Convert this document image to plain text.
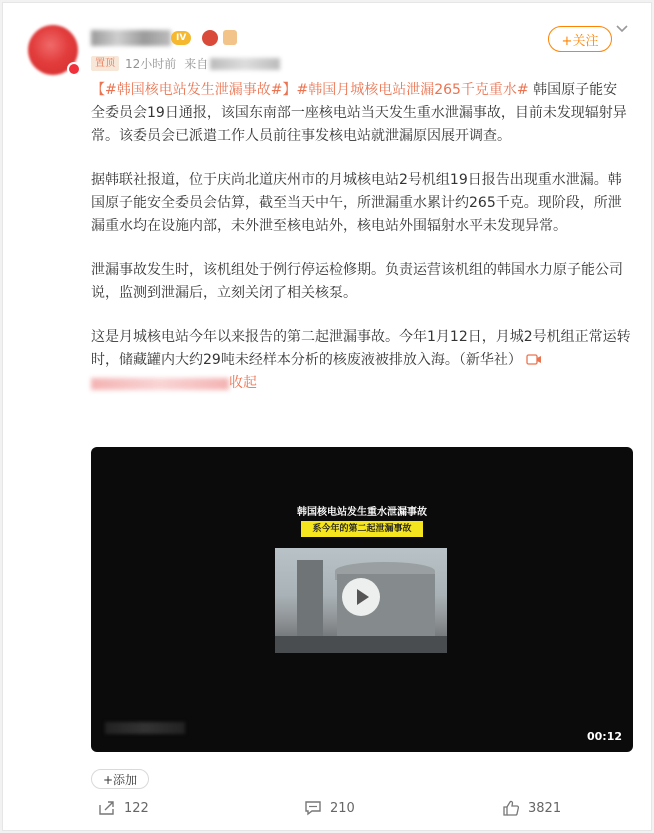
IV
置顶 12小时前 来自
+关注

【#韩国核电站发生泄漏事故#】#韩国月城核电站泄漏265千克重水# 韩国原子能安全委员会19日通报，该国东南部一座核电站当天发生重水泄漏事故，目前未发现辐射异常。该委员会已派遣工作人员前往事发核电站就泄漏原因展开调查。

据韩联社报道，位于庆尚北道庆州市的月城核电站2号机组19日报告出现重水泄漏。韩国原子能安全委员会估算，截至当天中午，所泄漏重水累计约265千克。现阶段，所泄漏重水均在设施内部，未外泄至核电站外，核电站外围辐射水平未发现异常。

泄漏事故发生时，该机组处于例行停运检修期。负责运营该机组的韩国水力原子能公司说，监测到泄漏后，立刻关闭了相关核泵。

这是月城核电站今年以来报告的第二起泄漏事故。今年1月12日，月城2号机组正常运转时，储藏罐内大约29吨未经样本分析的核废液被排放入海。（新华社）

收起
韩国核电站发生重水泄漏事故
系今年的第二起泄漏事故
00:12
+添加
122	210	3821
